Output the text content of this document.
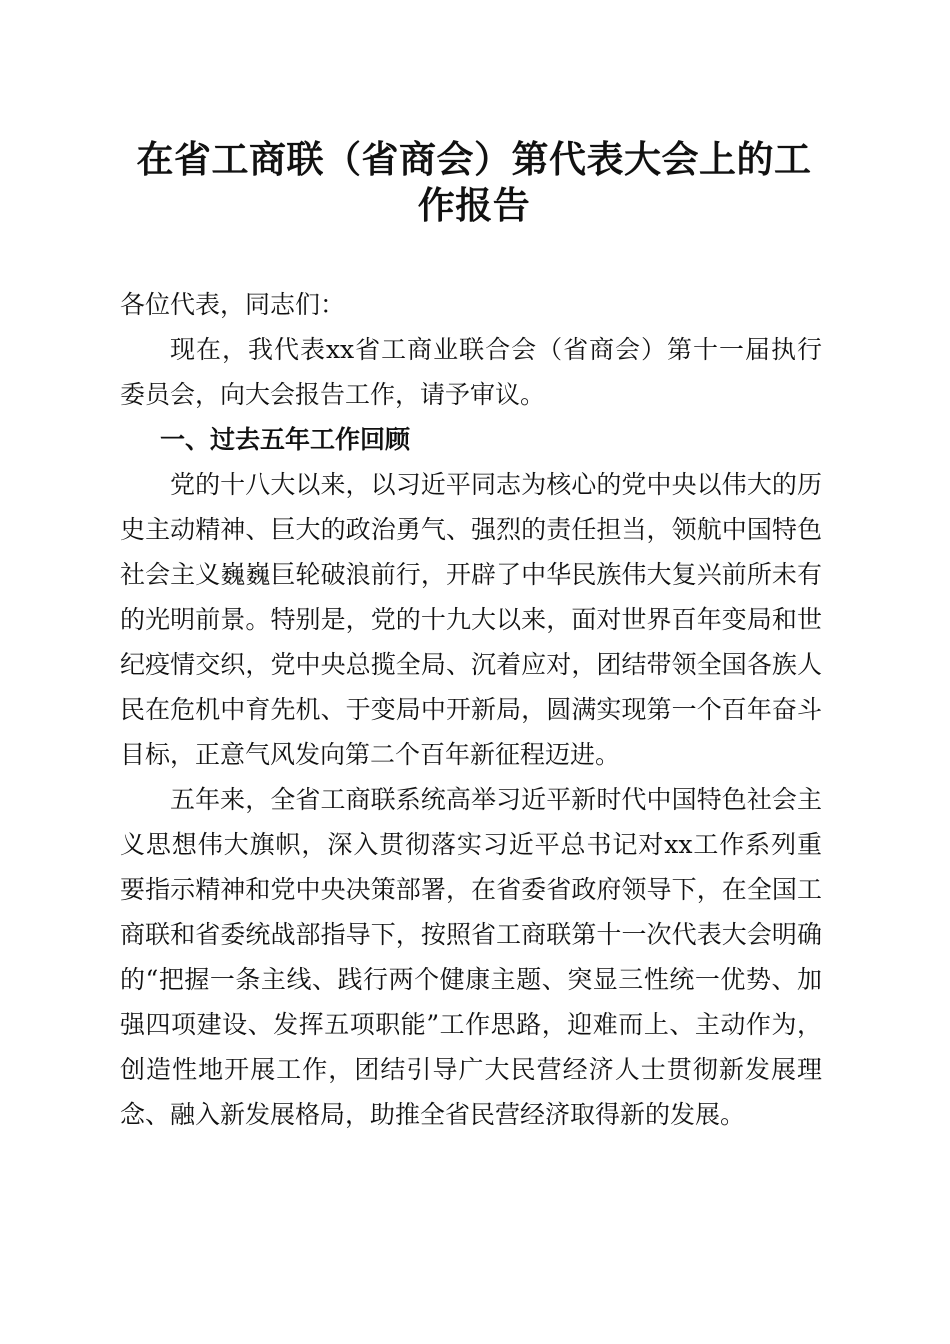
在省工商联（省商会）第代表大会上的工作报告

各位代表，同志们：

现在，我代表xx省工商业联合会（省商会）第十一届执行委员会，向大会报告工作，请予审议。

一、过去五年工作回顾

党的十八大以来，以习近平同志为核心的党中央以伟大的历史主动精神、巨大的政治勇气、强烈的责任担当，领航中国特色社会主义巍巍巨轮破浪前行，开辟了中华民族伟大复兴前所未有的光明前景。特别是，党的十九大以来，面对世界百年变局和世纪疫情交织，党中央总揽全局、沉着应对，团结带领全国各族人民在危机中育先机、于变局中开新局，圆满实现第一个百年奋斗目标，正意气风发向第二个百年新征程迈进。

五年来，全省工商联系统高举习近平新时代中国特色社会主义思想伟大旗帜，深入贯彻落实习近平总书记对xx工作系列重要指示精神和党中央决策部署，在省委省政府领导下，在全国工商联和省委统战部指导下，按照省工商联第十一次代表大会明确的“把握一条主线、践行两个健康主题、突显三性统一优势、加强四项建设、发挥五项职能”工作思路，迎难而上、主动作为，创造性地开展工作，团结引导广大民营经济人士贯彻新发展理念、融入新发展格局，助推全省民营经济取得新的发展。
